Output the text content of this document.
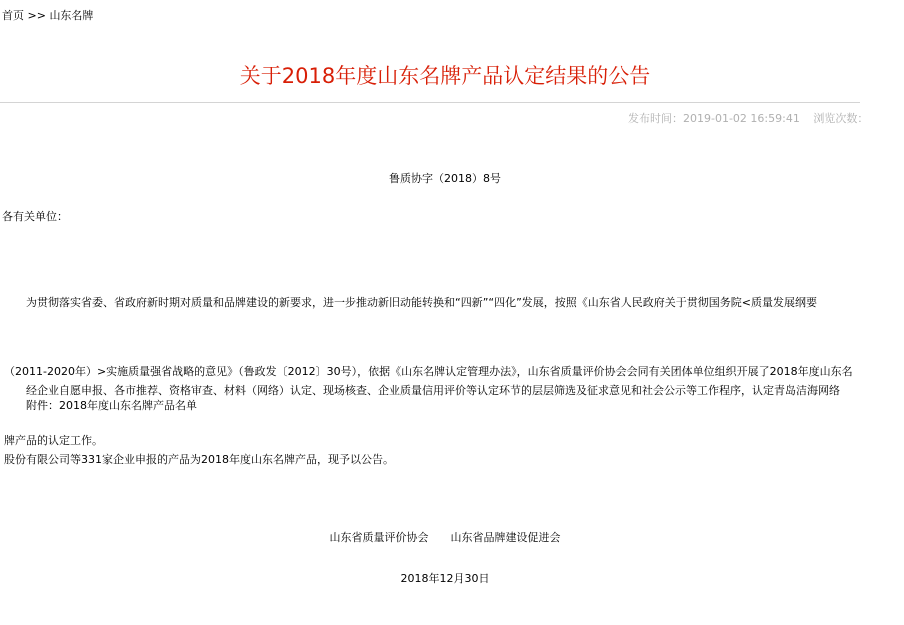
首页 >> 山东名牌
关于2018年度山东名牌产品认定结果的公告
发布时间：2019-01-02 16:59:41 浏览次数：
鲁质协字（2018）8号
各有关单位：

　　为贯彻落实省委、省政府新时期对质量和品牌建设的新要求，进一步推动新旧动能转换和“四新”“四化”发展，按照《山东省人民政府关于贯彻国务院<质量发展纲要

（2011-2020年）>实施质量强省战略的意见》（鲁政发〔2012〕30号），依据《山东名牌认定管理办法》，山东省质量评价协会会同有关团体单位组织开展了2018年度山东名

牌产品的认定工作。

　　经企业自愿申报、各市推荐、资格审查、材料（网络）认定、现场核查、企业质量信用评价等认定环节的层层筛选及征求意见和社会公示等工作程序，认定青岛洁海网络

股份有限公司等331家企业申报的产品为2018年度山东名牌产品，现予以公告。

　　附件：2018年度山东名牌产品名单
山东省质量评价协会　　山东省品牌建设促进会
2018年12月30日
